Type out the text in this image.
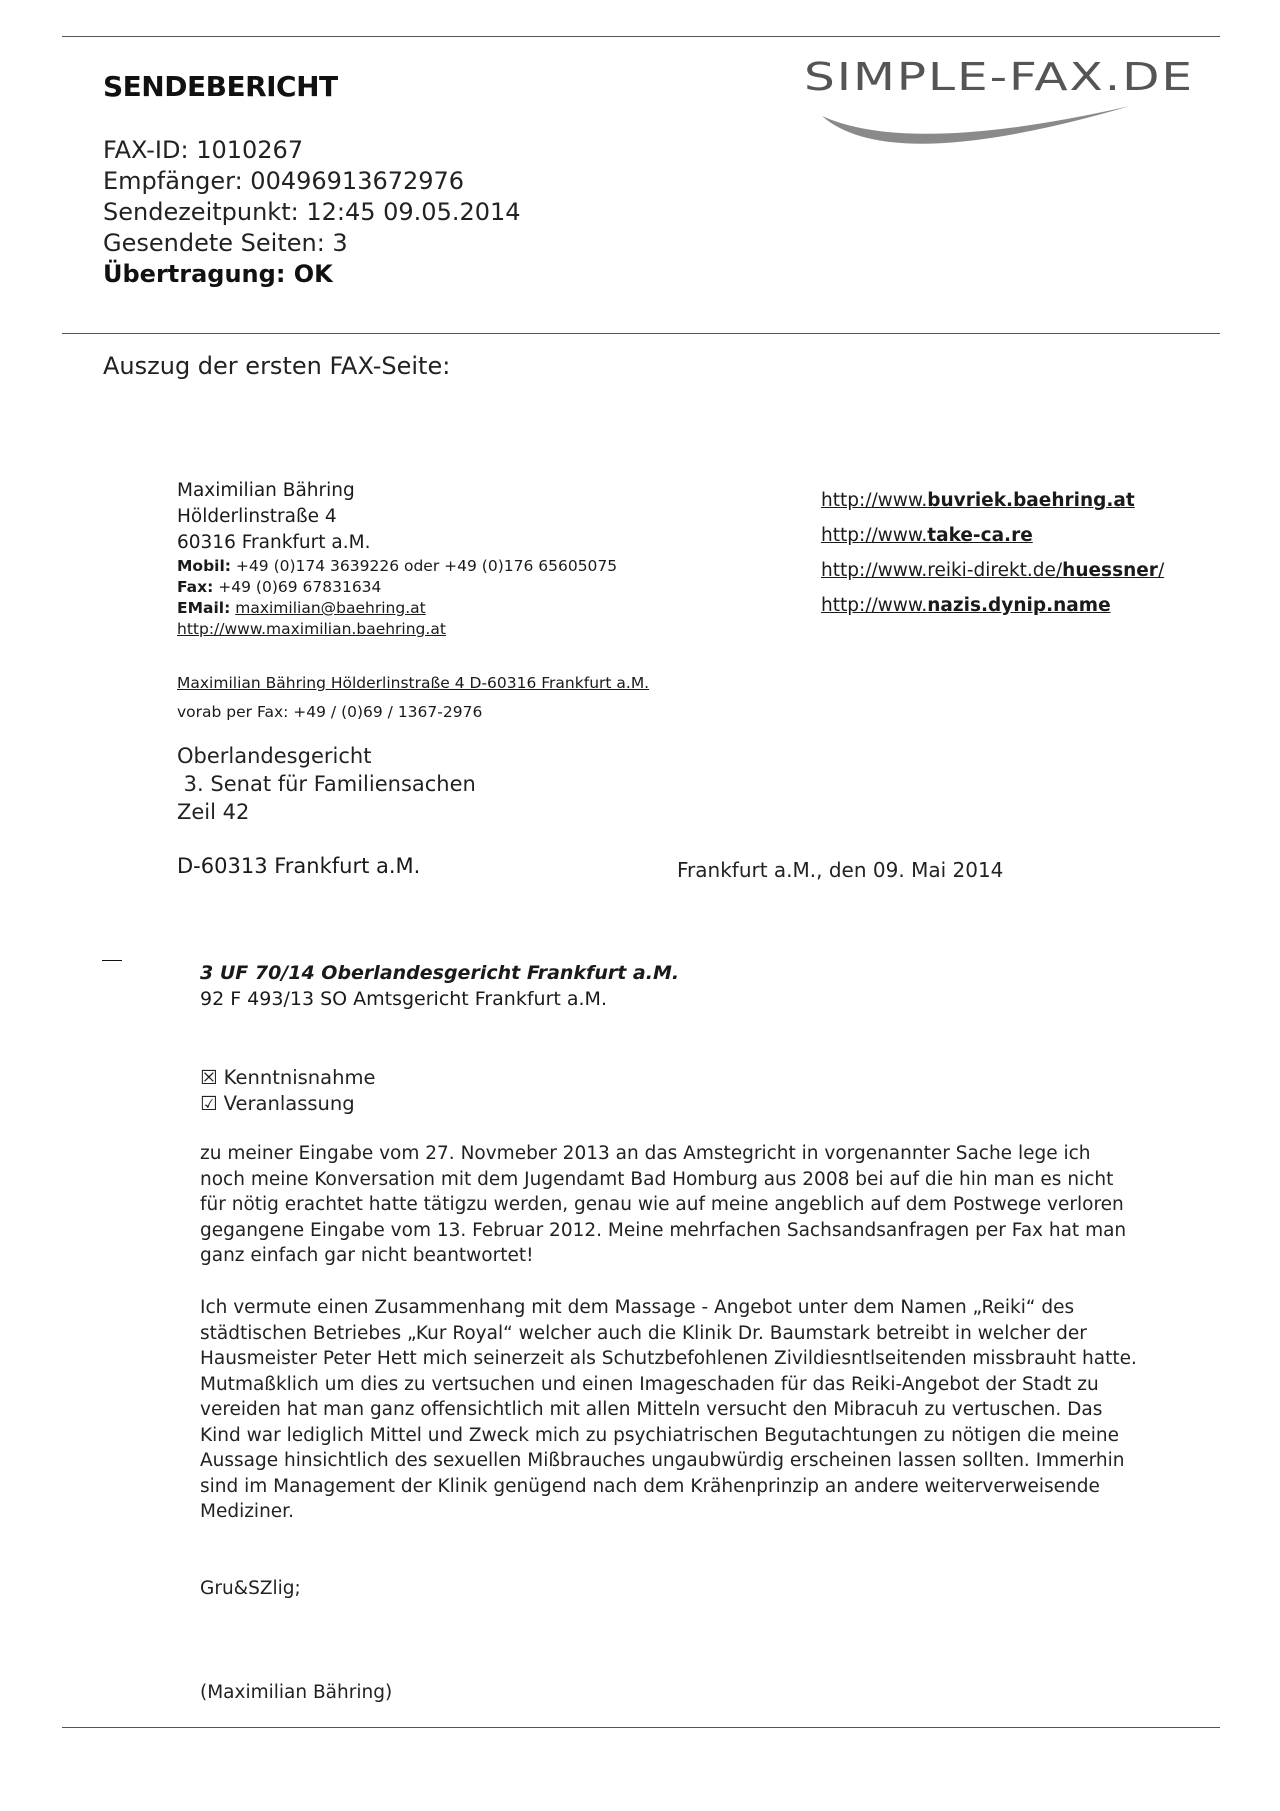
SENDEBERICHT	SIMPLE-FAX.DE
FAX-ID: 1010267
Empfänger: 00496913672976
Sendezeitpunkt: 12:45 09.05.2014
Gesendete Seiten: 3
Übertragung: OK
Auszug der ersten FAX-Seite:
Maximilian Bähring
Hölderlinstraße 4
60316 Frankfurt a.M.
Mobil: +49 (0)174 3639226 oder +49 (0)176 65605075
Fax: +49 (0)69 67831634
EMail: maximilian@baehring.at
http://www.maximilian.baehring.at
http://www.buvriek.baehring.at
http://www.take-ca.re
http://www.reiki-direkt.de/huessner/
http://www.nazis.dynip.name
Maximilian Bähring Hölderlinstraße 4 D-60316 Frankfurt a.M.
vorab per Fax: +49 / (0)69 / 1367-2976
Oberlandesgericht
3. Senat für Familiensachen
Zeil 42
D-60313 Frankfurt a.M.	Frankfurt a.M., den 09. Mai 2014
3 UF 70/14 Oberlandesgericht Frankfurt a.M.
92 F 493/13 SO Amtsgericht Frankfurt a.M.
☒ Kenntnisnahme
☑ Veranlassung

zu meiner Eingabe vom 27. Novmeber 2013 an das Amstegricht in vorgenannter Sache lege ich noch meine Konversation mit dem Jugendamt Bad Homburg aus 2008 bei auf die hin man es nicht für nötig erachtet hatte tätigzu werden, genau wie auf meine angeblich auf dem Postwege verloren gegangene Eingabe vom 13. Februar 2012. Meine mehrfachen Sachsandsanfragen per Fax hat man ganz einfach gar nicht beantwortet!

Ich vermute einen Zusammenhang mit dem Massage - Angebot unter dem Namen „Reiki“ des städtischen Betriebes „Kur Royal“ welcher auch die Klinik Dr. Baumstark betreibt in welcher der Hausmeister Peter Hett mich seinerzeit als Schutzbefohlenen Zivildiesntlseitenden missbrauht hatte. Mutmaßklich um dies zu vertsuchen und einen Imageschaden für das Reiki-Angebot der Stadt zu vereiden hat man ganz offensichtlich mit allen Mitteln versucht den Mibracuh zu vertuschen. Das Kind war lediglich Mittel und Zweck mich zu psychiatrischen Begutachtungen zu nötigen die meine Aussage hinsichtlich des sexuellen Mißbrauches ungaubwürdig erscheinen lassen sollten. Immerhin sind im Management der Klinik genügend nach dem Krähenprinzip an andere weiterverweisende Mediziner.

Gru&SZlig;
(Maximilian Bähring)
